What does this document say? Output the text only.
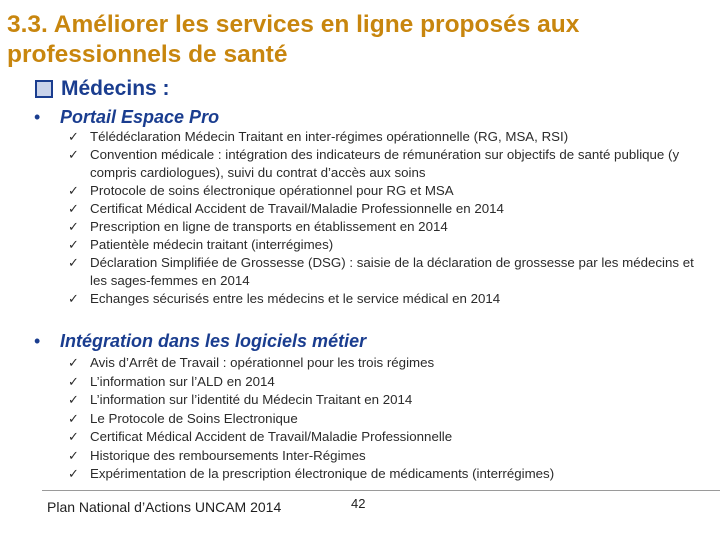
3.3. Améliorer les services en ligne proposés aux
professionnels de santé
Médecins :
•	Portail Espace Pro
✓ Télédéclaration Médecin Traitant en inter-régimes opérationnelle (RG, MSA, RSI)
✓ Convention médicale : intégration des indicateurs de rémunération sur objectifs de santé publique (y compris cardiologues), suivi du contrat d’accès aux soins
✓ Protocole de soins électronique opérationnel pour RG et MSA
✓ Certificat Médical Accident de Travail/Maladie Professionnelle en 2014
✓ Prescription en ligne de transports en établissement en 2014
✓ Patientèle médecin traitant (interrégimes)
✓ Déclaration Simplifiée de Grossesse (DSG) : saisie de la déclaration de grossesse par les médecins et les sages-femmes en 2014
✓ Echanges sécurisés entre les médecins et le service médical en 2014
•	Intégration dans les logiciels métier
✓ Avis d’Arrêt de Travail : opérationnel pour les trois régimes
✓ L’information sur l’ALD en 2014
✓ L’information sur l’identité du Médecin Traitant en 2014
✓ Le Protocole de Soins Electronique
✓ Certificat Médical Accident de Travail/Maladie Professionnelle
✓ Historique des remboursements Inter-Régimes
✓ Expérimentation de la prescription électronique de médicaments (interrégimes)
Plan National d’Actions UNCAM 2014	42
